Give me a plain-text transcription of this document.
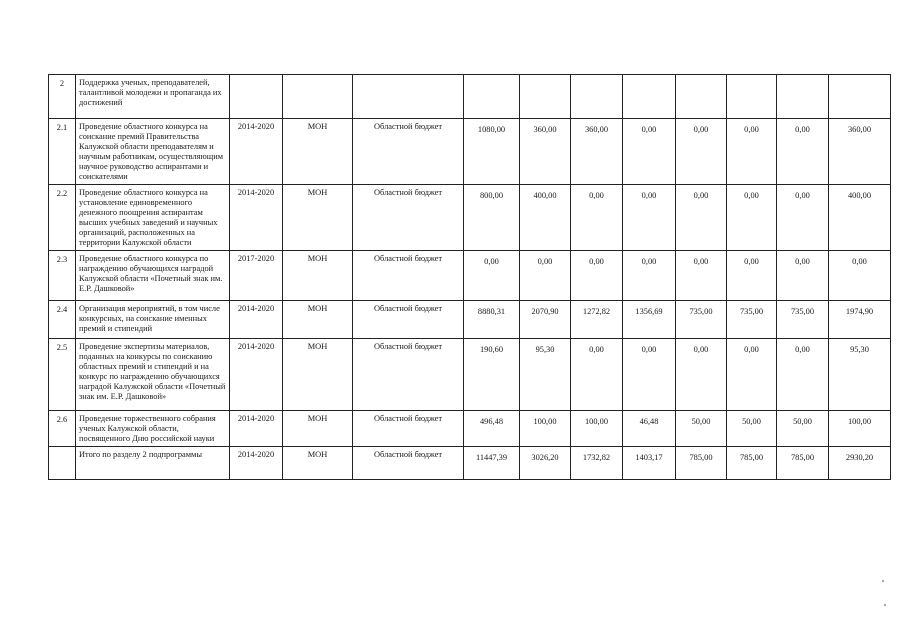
2	Поддержка ученых, преподавателей, талантливой молодежи и пропаганда их достижений											
2.1	Проведение областного конкурса на соискание премий Правительства Калужской области преподавателям и научным работникам, осуществляющим научное руководство аспирантами и соискателями	2014-2020	МОН	Областной бюджет	1080,00	360,00	360,00	0,00	0,00	0,00	0,00	360,00
2.2	Проведение областного конкурса на установление единовременного денежного поощрения аспирантам высших учебных заведений и научных организаций, расположенных на территории Калужской области	2014-2020	МОН	Областной бюджет	800,00	400,00	0,00	0,00	0,00	0,00	0,00	400,00
2.3	Проведение областного конкурса по награждению обучающихся наградой Калужской области «Почетный знак им. Е.Р. Дашковой»	2017-2020	МОН	Областной бюджет	0,00	0,00	0,00	0,00	0,00	0,00	0,00	0,00
2.4	Организация мероприятий, в том числе конкурсных, на соискание именных премий и стипендий	2014-2020	МОН	Областной бюджет	8880,31	2070,90	1272,82	1356,69	735,00	735,00	735,00	1974,90
2.5	Проведение экспертизы материалов, поданных на конкурсы по соисканию областных премий и стипендий и на конкурс по награждению обучающихся наградой Калужской области «Почетный знак им. Е.Р. Дашковой»	2014-2020	МОН	Областной бюджет	190,60	95,30	0,00	0,00	0,00	0,00	0,00	95,30
2.6	Проведение торжественного собрания ученых Калужской области, посвященного Дню российской науки	2014-2020	МОН	Областной бюджет	496,48	100,00	100,00	46,48	50,00	50,00	50,00	100,00
	Итого по разделу 2 подпрограммы	2014-2020	МОН	Областной бюджет	11447,39	3026,20	1732,82	1403,17	785,00	785,00	785,00	2930,20
